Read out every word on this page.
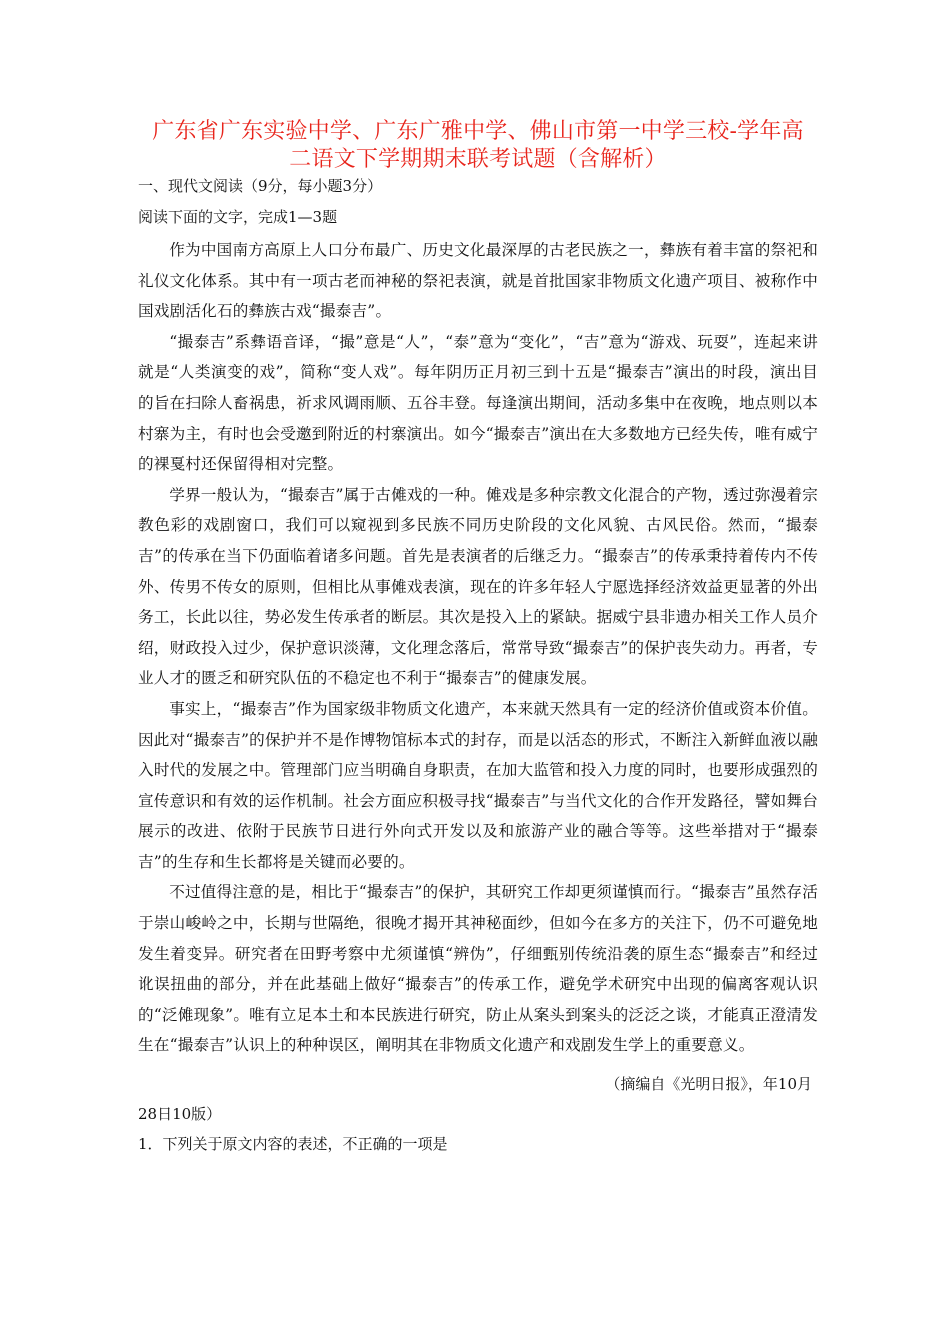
广东省广东实验中学、广东广雅中学、佛山市第一中学三校-学年高
二语文下学期期末联考试题（含解析）

一、现代文阅读（9分，每小题3分）

阅读下面的文字，完成1—3题

作为中国南方高原上人口分布最广、历史文化最深厚的古老民族之一，彝族有着丰富的祭祀和礼仪文化体系。其中有一项古老而神秘的祭祀表演，就是首批国家非物质文化遗产项目、被称作中国戏剧活化石的彝族古戏“撮泰吉”。

“撮泰吉”系彝语音译，“撮”意是“人”，“泰”意为“变化”，“吉”意为“游戏、玩耍”，连起来讲就是“人类演变的戏”，简称“变人戏”。每年阴历正月初三到十五是“撮泰吉”演出的时段，演出目的旨在扫除人畜祸患，祈求风调雨顺、五谷丰登。每逢演出期间，活动多集中在夜晚，地点则以本村寨为主，有时也会受邀到附近的村寨演出。如今“撮泰吉”演出在大多数地方已经失传，唯有威宁的裸戛村还保留得相对完整。

学界一般认为，“撮泰吉”属于古傩戏的一种。傩戏是多种宗教文化混合的产物，透过弥漫着宗教色彩的戏剧窗口，我们可以窥视到多民族不同历史阶段的文化风貌、古风民俗。然而，“撮泰吉”的传承在当下仍面临着诸多问题。首先是表演者的后继乏力。“撮泰吉”的传承秉持着传内不传外、传男不传女的原则，但相比从事傩戏表演，现在的许多年轻人宁愿选择经济效益更显著的外出务工，长此以往，势必发生传承者的断层。其次是投入上的紧缺。据威宁县非遗办相关工作人员介绍，财政投入过少，保护意识淡薄，文化理念落后，常常导致“撮泰吉”的保护丧失动力。再者，专业人才的匮乏和研究队伍的不稳定也不利于“撮泰吉”的健康发展。

事实上，“撮泰吉”作为国家级非物质文化遗产，本来就天然具有一定的经济价值或资本价值。因此对“撮泰吉”的保护并不是作博物馆标本式的封存，而是以活态的形式，不断注入新鲜血液以融入时代的发展之中。管理部门应当明确自身职责，在加大监管和投入力度的同时，也要形成强烈的宣传意识和有效的运作机制。社会方面应积极寻找“撮泰吉”与当代文化的合作开发路径，譬如舞台展示的改进、依附于民族节日进行外向式开发以及和旅游产业的融合等等。这些举措对于“撮泰吉”的生存和生长都将是关键而必要的。

不过值得注意的是，相比于“撮泰吉”的保护，其研究工作却更须谨慎而行。“撮泰吉”虽然存活于崇山峻岭之中，长期与世隔绝，很晚才揭开其神秘面纱，但如今在多方的关注下，仍不可避免地发生着变异。研究者在田野考察中尤须谨慎“辨伪”，仔细甄别传统沿袭的原生态“撮泰吉”和经过讹误扭曲的部分，并在此基础上做好“撮泰吉”的传承工作，避免学术研究中出现的偏离客观认识的“泛傩现象”。唯有立足本土和本民族进行研究，防止从案头到案头的泛泛之谈，才能真正澄清发生在“撮泰吉”认识上的种种误区，阐明其在非物质文化遗产和戏剧发生学上的重要意义。

（摘编自《光明日报》，年10月

28日10版）

1．下列关于原文内容的表述，不正确的一项是
